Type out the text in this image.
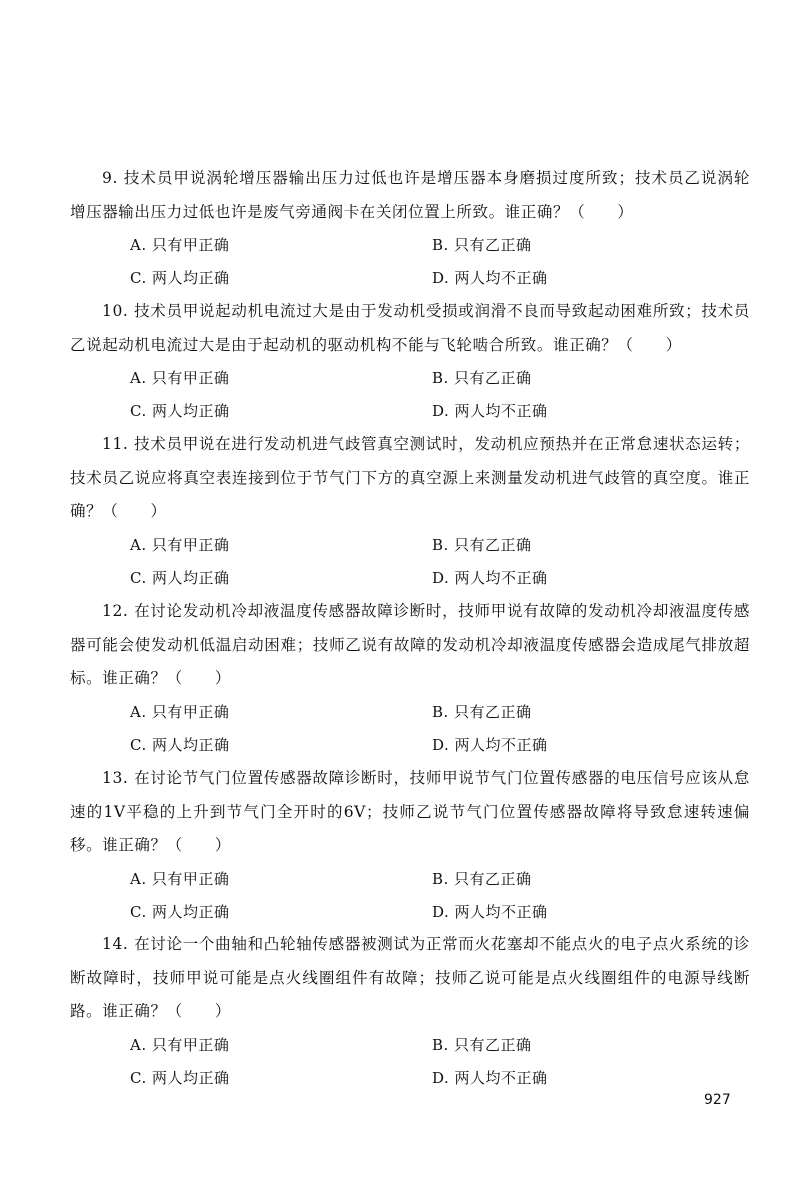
9. 技术员甲说涡轮增压器输出压力过低也许是增压器本身磨损过度所致；技术员乙说涡轮增压器输出压力过低也许是废气旁通阀卡在关闭位置上所致。谁正确？（　　）

A. 只有甲正确	B. 只有乙正确
C. 两人均正确	D. 两人均不正确

10. 技术员甲说起动机电流过大是由于发动机受损或润滑不良而导致起动困难所致；技术员乙说起动机电流过大是由于起动机的驱动机构不能与飞轮啮合所致。谁正确？（　　）

A. 只有甲正确	B. 只有乙正确
C. 两人均正确	D. 两人均不正确

11. 技术员甲说在进行发动机进气歧管真空测试时，发动机应预热并在正常怠速状态运转；技术员乙说应将真空表连接到位于节气门下方的真空源上来测量发动机进气歧管的真空度。谁正确？（　　）

A. 只有甲正确	B. 只有乙正确
C. 两人均正确	D. 两人均不正确

12. 在讨论发动机冷却液温度传感器故障诊断时，技师甲说有故障的发动机冷却液温度传感器可能会使发动机低温启动困难；技师乙说有故障的发动机冷却液温度传感器会造成尾气排放超标。谁正确？（　　）

A. 只有甲正确	B. 只有乙正确
C. 两人均正确	D. 两人均不正确

13. 在讨论节气门位置传感器故障诊断时，技师甲说节气门位置传感器的电压信号应该从怠速的1V平稳的上升到节气门全开时的6V；技师乙说节气门位置传感器故障将导致怠速转速偏移。谁正确？（　　）

A. 只有甲正确	B. 只有乙正确
C. 两人均正确	D. 两人均不正确

14. 在讨论一个曲轴和凸轮轴传感器被测试为正常而火花塞却不能点火的电子点火系统的诊断故障时，技师甲说可能是点火线圈组件有故障；技师乙说可能是点火线圈组件的电源导线断路。谁正确？（　　）

A. 只有甲正确	B. 只有乙正确
C. 两人均正确	D. 两人均不正确
927
